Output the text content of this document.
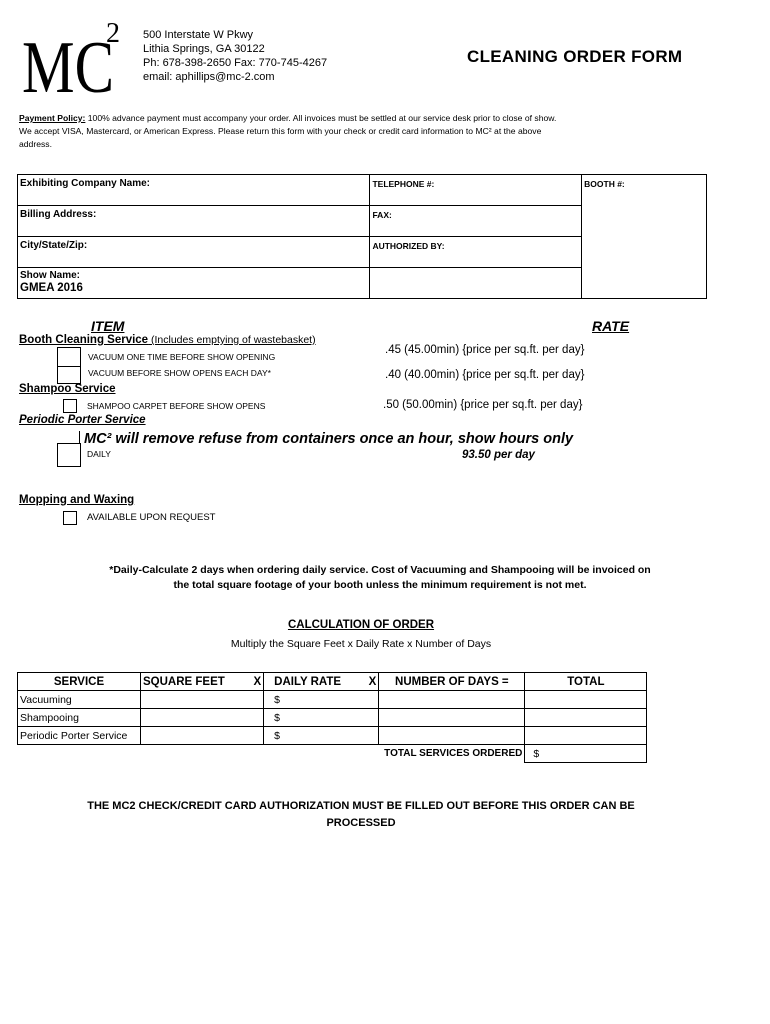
MC
2 500 Interstate W Pkwy
Lithia Springs, GA 30122
Ph: 678-398-2650 Fax: 770-745-4267
email: aphillips@mc-2.com
CLEANING ORDER FORM
Payment Policy: 100% advance payment must accompany your order. All invoices must be settled at our service desk prior to close of show.
We accept VISA, Mastercard, or American Express. Please return this form with your check or credit card information to MC² at the above
address.
Exhibiting Company Name:	TELEPHONE #:	BOOTH #:

Billing Address:	FAX:	

City/State/Zip:	AUTHORIZED BY:	

Show Name:
GMEA 2016		

ITEM	RATE
Booth Cleaning Service (Includes emptying of wastebasket)
VACUUM ONE TIME BEFORE SHOW OPENING
.45 (45.00min) {price per sq.ft. per day}
VACUUM BEFORE SHOW OPENS EACH DAY*	.40 (40.00min) {price per sq.ft. per day}
Shampoo Service
SHAMPOO CARPET BEFORE SHOW OPENS	.50 (50.00min) {price per sq.ft. per day}
Periodic Porter Service
MC² will remove refuse from containers once an hour, show hours only
DAILY	93.50 per day
Mopping and Waxing
AVAILABLE UPON REQUEST
*Daily-Calculate 2 days when ordering daily service. Cost of Vacuuming and Shampooing will be invoiced on
the total square footage of your booth unless the minimum requirement is not met.
CALCULATION OF ORDER
Multiply the Square Feet x Daily Rate x Number of Days
SERVICE	SQUARE FEET	X	DAILY RATE	X	NUMBER OF DAYS =	TOTAL
Vacuuming			$			
Shampooing			$			
Periodic Porter Service			$			
			TOTAL SERVICES ORDERED			$
THE MC2 CHECK/CREDIT CARD AUTHORIZATION MUST BE FILLED OUT BEFORE THIS ORDER CAN BE
PROCESSED
